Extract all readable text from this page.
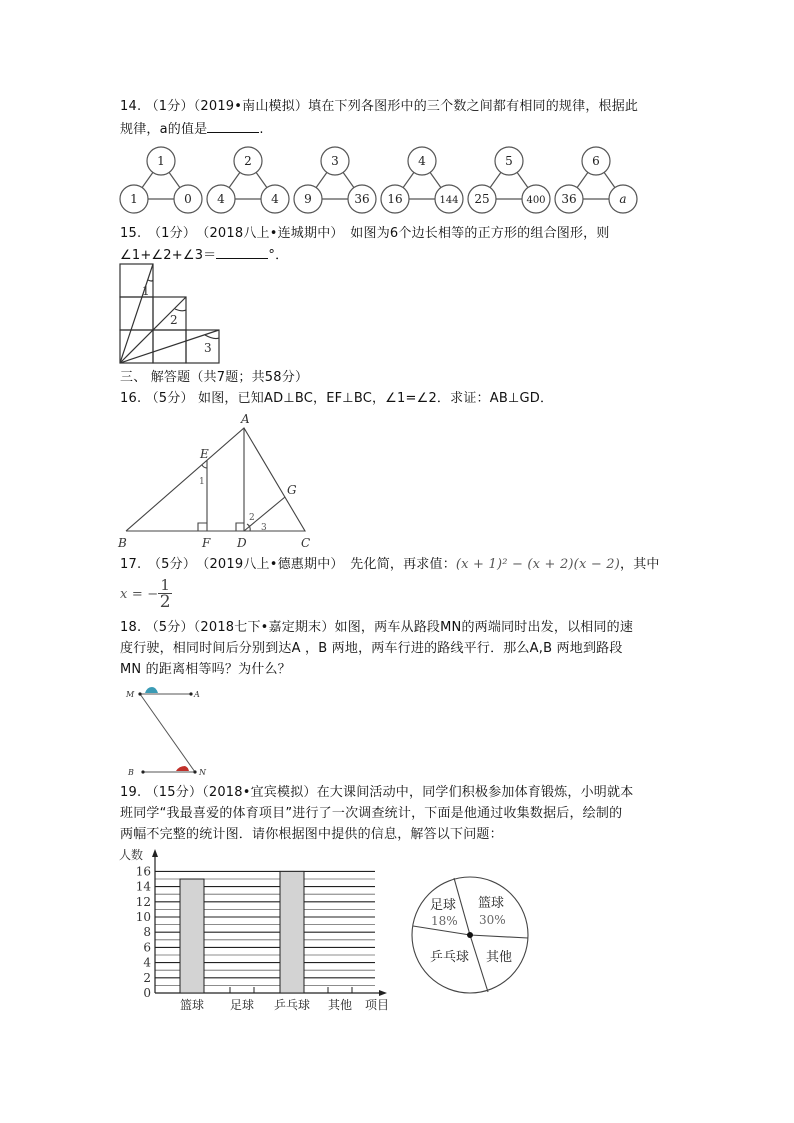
14. （1分）（2019•南山模拟）填在下列各图形中的三个数之间都有相同的规律，根据此
规律，a的值是	.
1
1	0
2
4	4
3
9	36
4
16	144
5
25	400
6
36	a
15.　（1分）　（2018八上•连城期中）　如图为6个边长相等的正方形的组合图形，则
∠1+∠2+∠3＝	°．
1
2
3
三、 解答题（共7题；共58分）
16. （5分） 如图，已知AD⊥BC，EF⊥BC，∠1=∠2．求证：AB⊥GD．
A
B	C
D
E
F
G
1
2
3
17.　（5分）　（2019八上•德惠期中）　先化简，再求值：(x + 1)² − (x + 2)(x − 2)，其中
x = − $\frac{1}{2}$
18. （5分）（2018七下•嘉定期末）如图，两车从路段MN的两端同时出发，以相同的速
度行驶，相同时间后分别到达A ，B 两地，两车行进的路线平行．那么A,B 两地到路段
MN 的距离相等吗？为什么？
M	A
B	N
19. （15分）（2018•宜宾模拟）在大课间活动中，同学们积极参加体育锻炼，小明就本
班同学“我最喜爱的体育项目”进行了一次调查统计，下面是他通过收集数据后，绘制的
两幅不完整的统计图．请你根据图中提供的信息，解答以下问题：
0
2
4
6
8
10
12
14
16
人数
篮球 足球 乒乓球 其他 项目
足球
18%
篮球
30%
其他
乒乓球
